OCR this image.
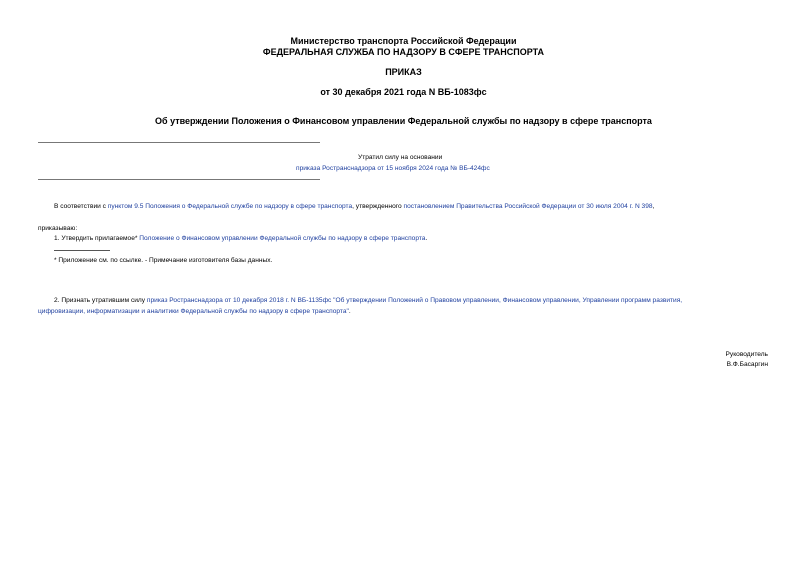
Министерство транспорта Российской Федерации
ФЕДЕРАЛЬНАЯ СЛУЖБА ПО НАДЗОРУ В СФЕРЕ ТРАНСПОРТА
ПРИКАЗ
от 30 декабря 2021 года N ВБ-1083фс
Об утверждении Положения о Финансовом управлении Федеральной службы по надзору в сфере транспорта
Утратил силу на основании
приказа Ространснадзора от 15 ноября 2024 года № ВБ-424фс
В соответствии с пунктом 9.5 Положения о Федеральной службе по надзору в сфере транспорта, утвержденного постановлением Правительства Российской Федерации от 30 июля 2004 г. N 398,
приказываю:
1. Утвердить прилагаемое* Положение о Финансовом управлении Федеральной службы по надзору в сфере транспорта.
* Приложение см. по ссылке. - Примечание изготовителя базы данных.
2. Признать утратившим силу приказ Ространснадзора от 10 декабря 2018 г. N ВБ-1135фс "Об утверждении Положений о Правовом управлении, Финансовом управлении, Управлении программ развития,
цифровизации, информатизации и аналитики Федеральной службы по надзору в сфере транспорта".
Руководитель
В.Ф.Басаргин
